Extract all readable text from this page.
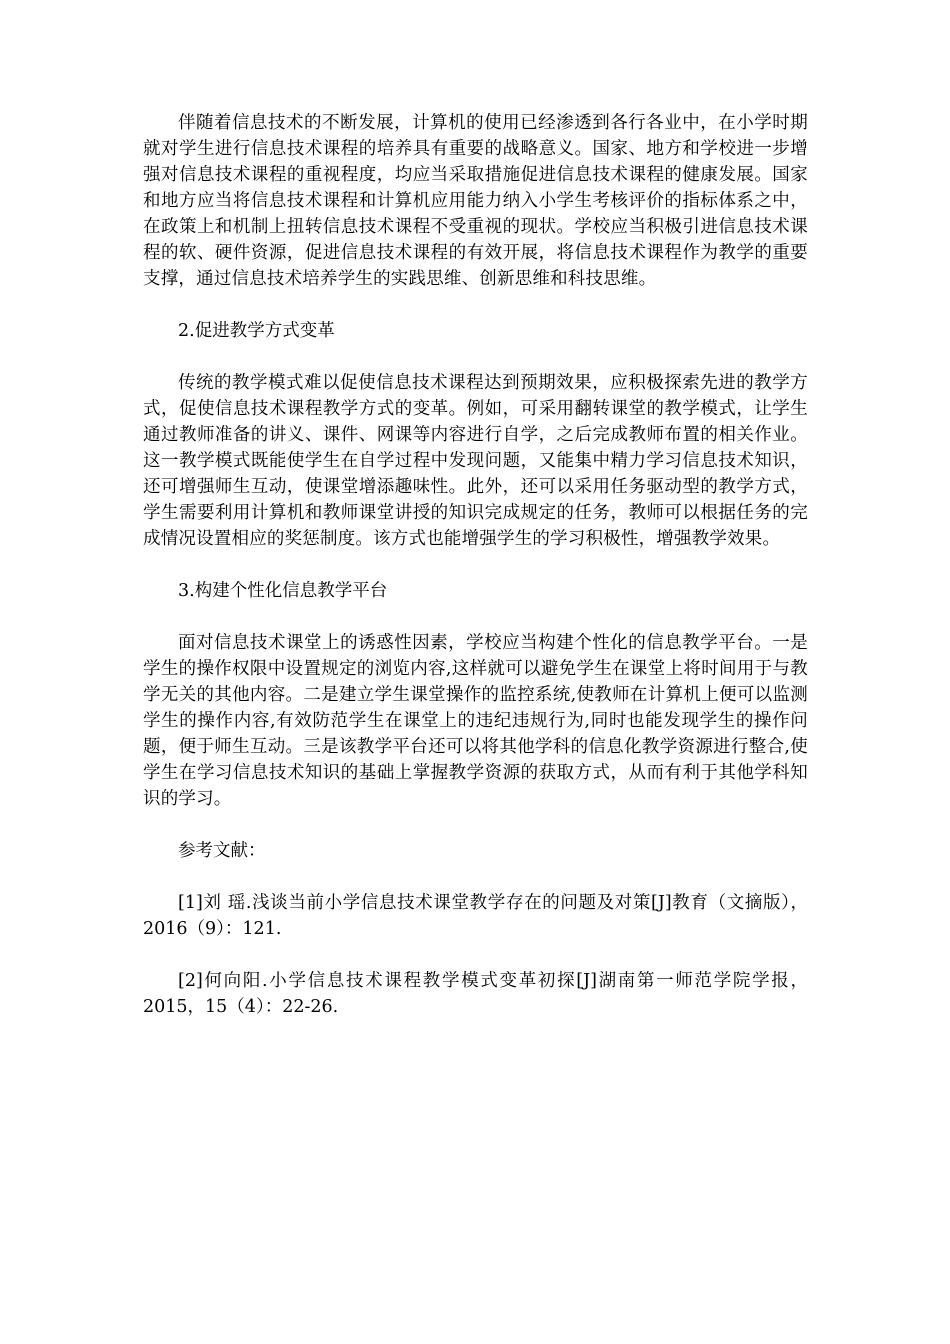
伴随着信息技术的不断发展，计算机的使用已经渗透到各行各业中，在小学时期就对学生进行信息技术课程的培养具有重要的战略意义。国家、地方和学校进一步增强对信息技术课程的重视程度，均应当采取措施促进信息技术课程的健康发展。国家和地方应当将信息技术课程和计算机应用能力纳入小学生考核评价的指标体系之中，在政策上和机制上扭转信息技术课程不受重视的现状。学校应当积极引进信息技术课程的软、硬件资源，促进信息技术课程的有效开展，将信息技术课程作为教学的重要支撑，通过信息技术培养学生的实践思维、创新思维和科技思维。

2.促进教学方式变革

传统的教学模式难以促使信息技术课程达到预期效果，应积极探索先进的教学方式，促使信息技术课程教学方式的变革。例如，可采用翻转课堂的教学模式，让学生通过教师准备的讲义、课件、网课等内容进行自学，之后完成教师布置的相关作业。这一教学模式既能使学生在自学过程中发现问题，又能集中精力学习信息技术知识，还可增强师生互动，使课堂增添趣味性。此外，还可以采用任务驱动型的教学方式，学生需要利用计算机和教师课堂讲授的知识完成规定的任务，教师可以根据任务的完成情况设置相应的奖惩制度。该方式也能增强学生的学习积极性，增强教学效果。

3.构建个性化信息教学平台

面对信息技术课堂上的诱惑性因素，学校应当构建个性化的信息教学平台。一是学生的操作权限中设置规定的浏览内容,这样就可以避免学生在课堂上将时间用于与教学无关的其他内容。二是建立学生课堂操作的监控系统,使教师在计算机上便可以监测学生的操作内容,有效防范学生在课堂上的违纪违规行为,同时也能发现学生的操作问题，便于师生互动。三是该教学平台还可以将其他学科的信息化教学资源进行整合,使学生在学习信息技术知识的基础上掌握教学资源的获取方式，从而有利于其他学科知识的学习。

参考文献：

[1]刘 瑶.浅谈当前小学信息技术课堂教学存在的问题及对策[J]教育（文摘版），2016（9）：121.

[2]何向阳.小学信息技术课程教学模式变革初探[J]湖南第一师范学院学报，2015，15（4）：22-26.
